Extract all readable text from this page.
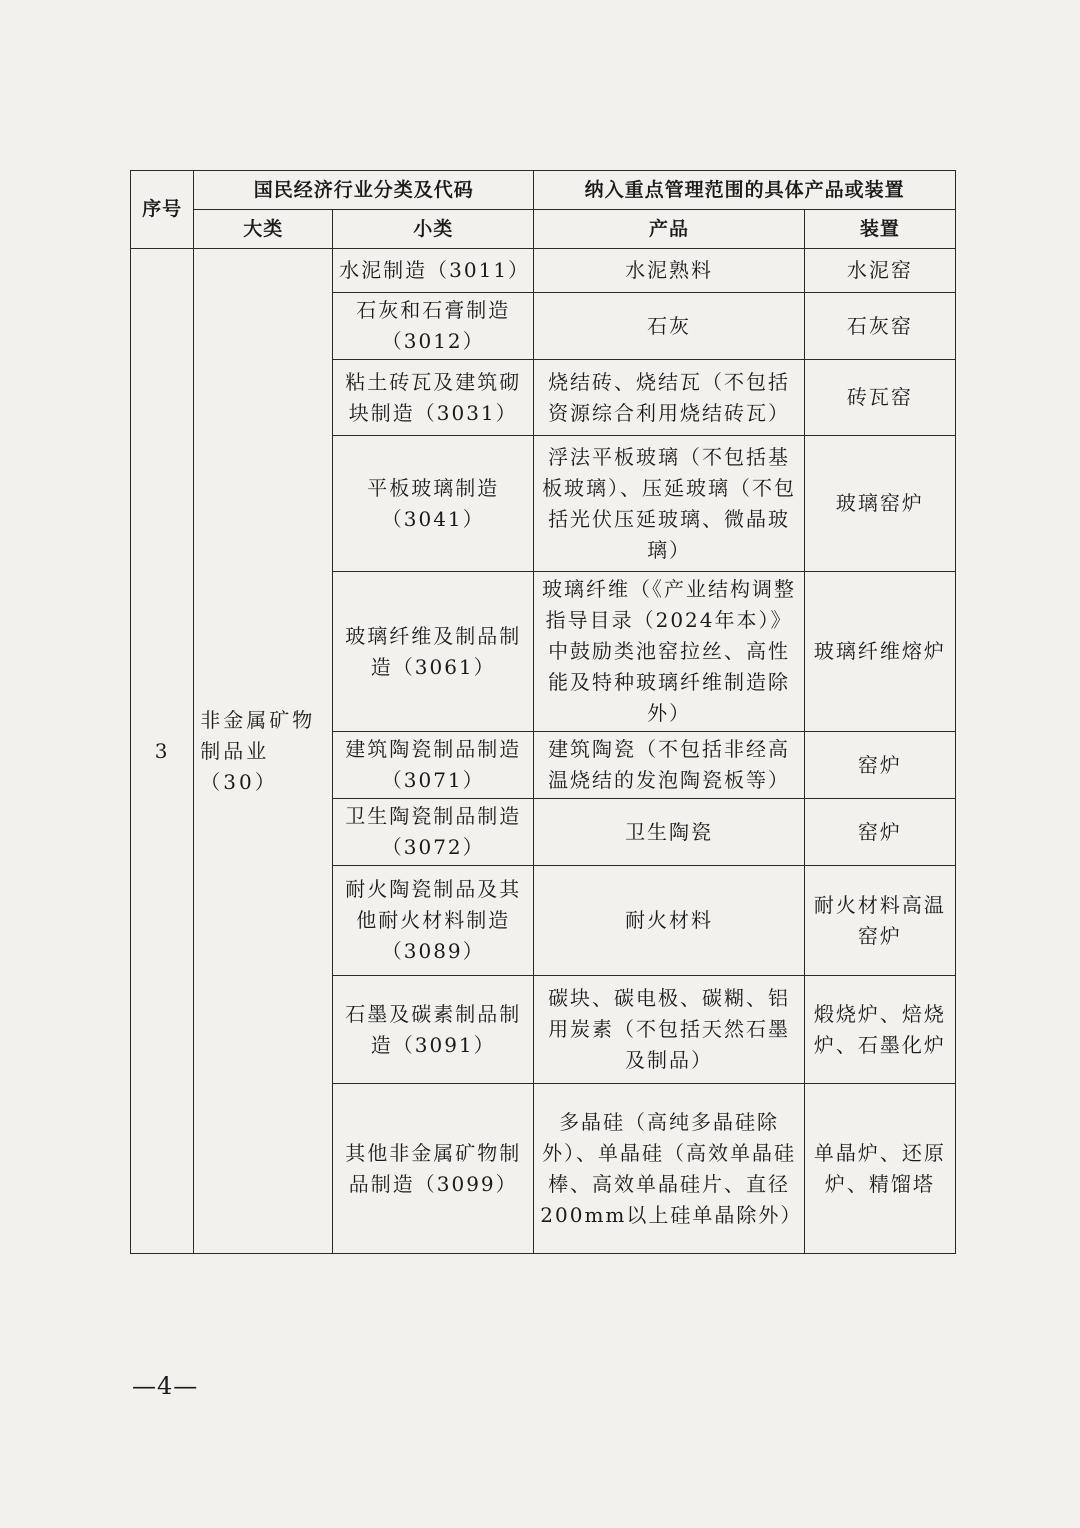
序号	国民经济行业分类及代码		纳入重点管理范围的具体产品或装置	
	大类	小类	产品	装置
3	非金属矿物制品业（30）	水泥制造（3011）	水泥熟料	水泥窑
		石灰和石膏制造（3012）	石灰	石灰窑
		粘土砖瓦及建筑砌块制造（3031）	烧结砖、烧结瓦（不包括资源综合利用烧结砖瓦）	砖瓦窑
		平板玻璃制造（3041）	浮法平板玻璃（不包括基板玻璃）、压延玻璃（不包括光伏压延玻璃、微晶玻璃）	玻璃窑炉
		玻璃纤维及制品制造（3061）	玻璃纤维（《产业结构调整指导目录（2024年本）》中鼓励类池窑拉丝、高性能及特种玻璃纤维制造除外）	玻璃纤维熔炉
		建筑陶瓷制品制造（3071）	建筑陶瓷（不包括非经高温烧结的发泡陶瓷板等）	窑炉
		卫生陶瓷制品制造（3072）	卫生陶瓷	窑炉
		耐火陶瓷制品及其他耐火材料制造（3089）	耐火材料	耐火材料高温窑炉
		石墨及碳素制品制造（3091）	碳块、碳电极、碳糊、铝用炭素（不包括天然石墨及制品）	煅烧炉、焙烧炉、石墨化炉
		其他非金属矿物制品制造（3099）	多晶硅（高纯多晶硅除外）、单晶硅（高效单晶硅棒、高效单晶硅片、直径200mm以上硅单晶除外）	单晶炉、还原炉、精馏塔
—4—
